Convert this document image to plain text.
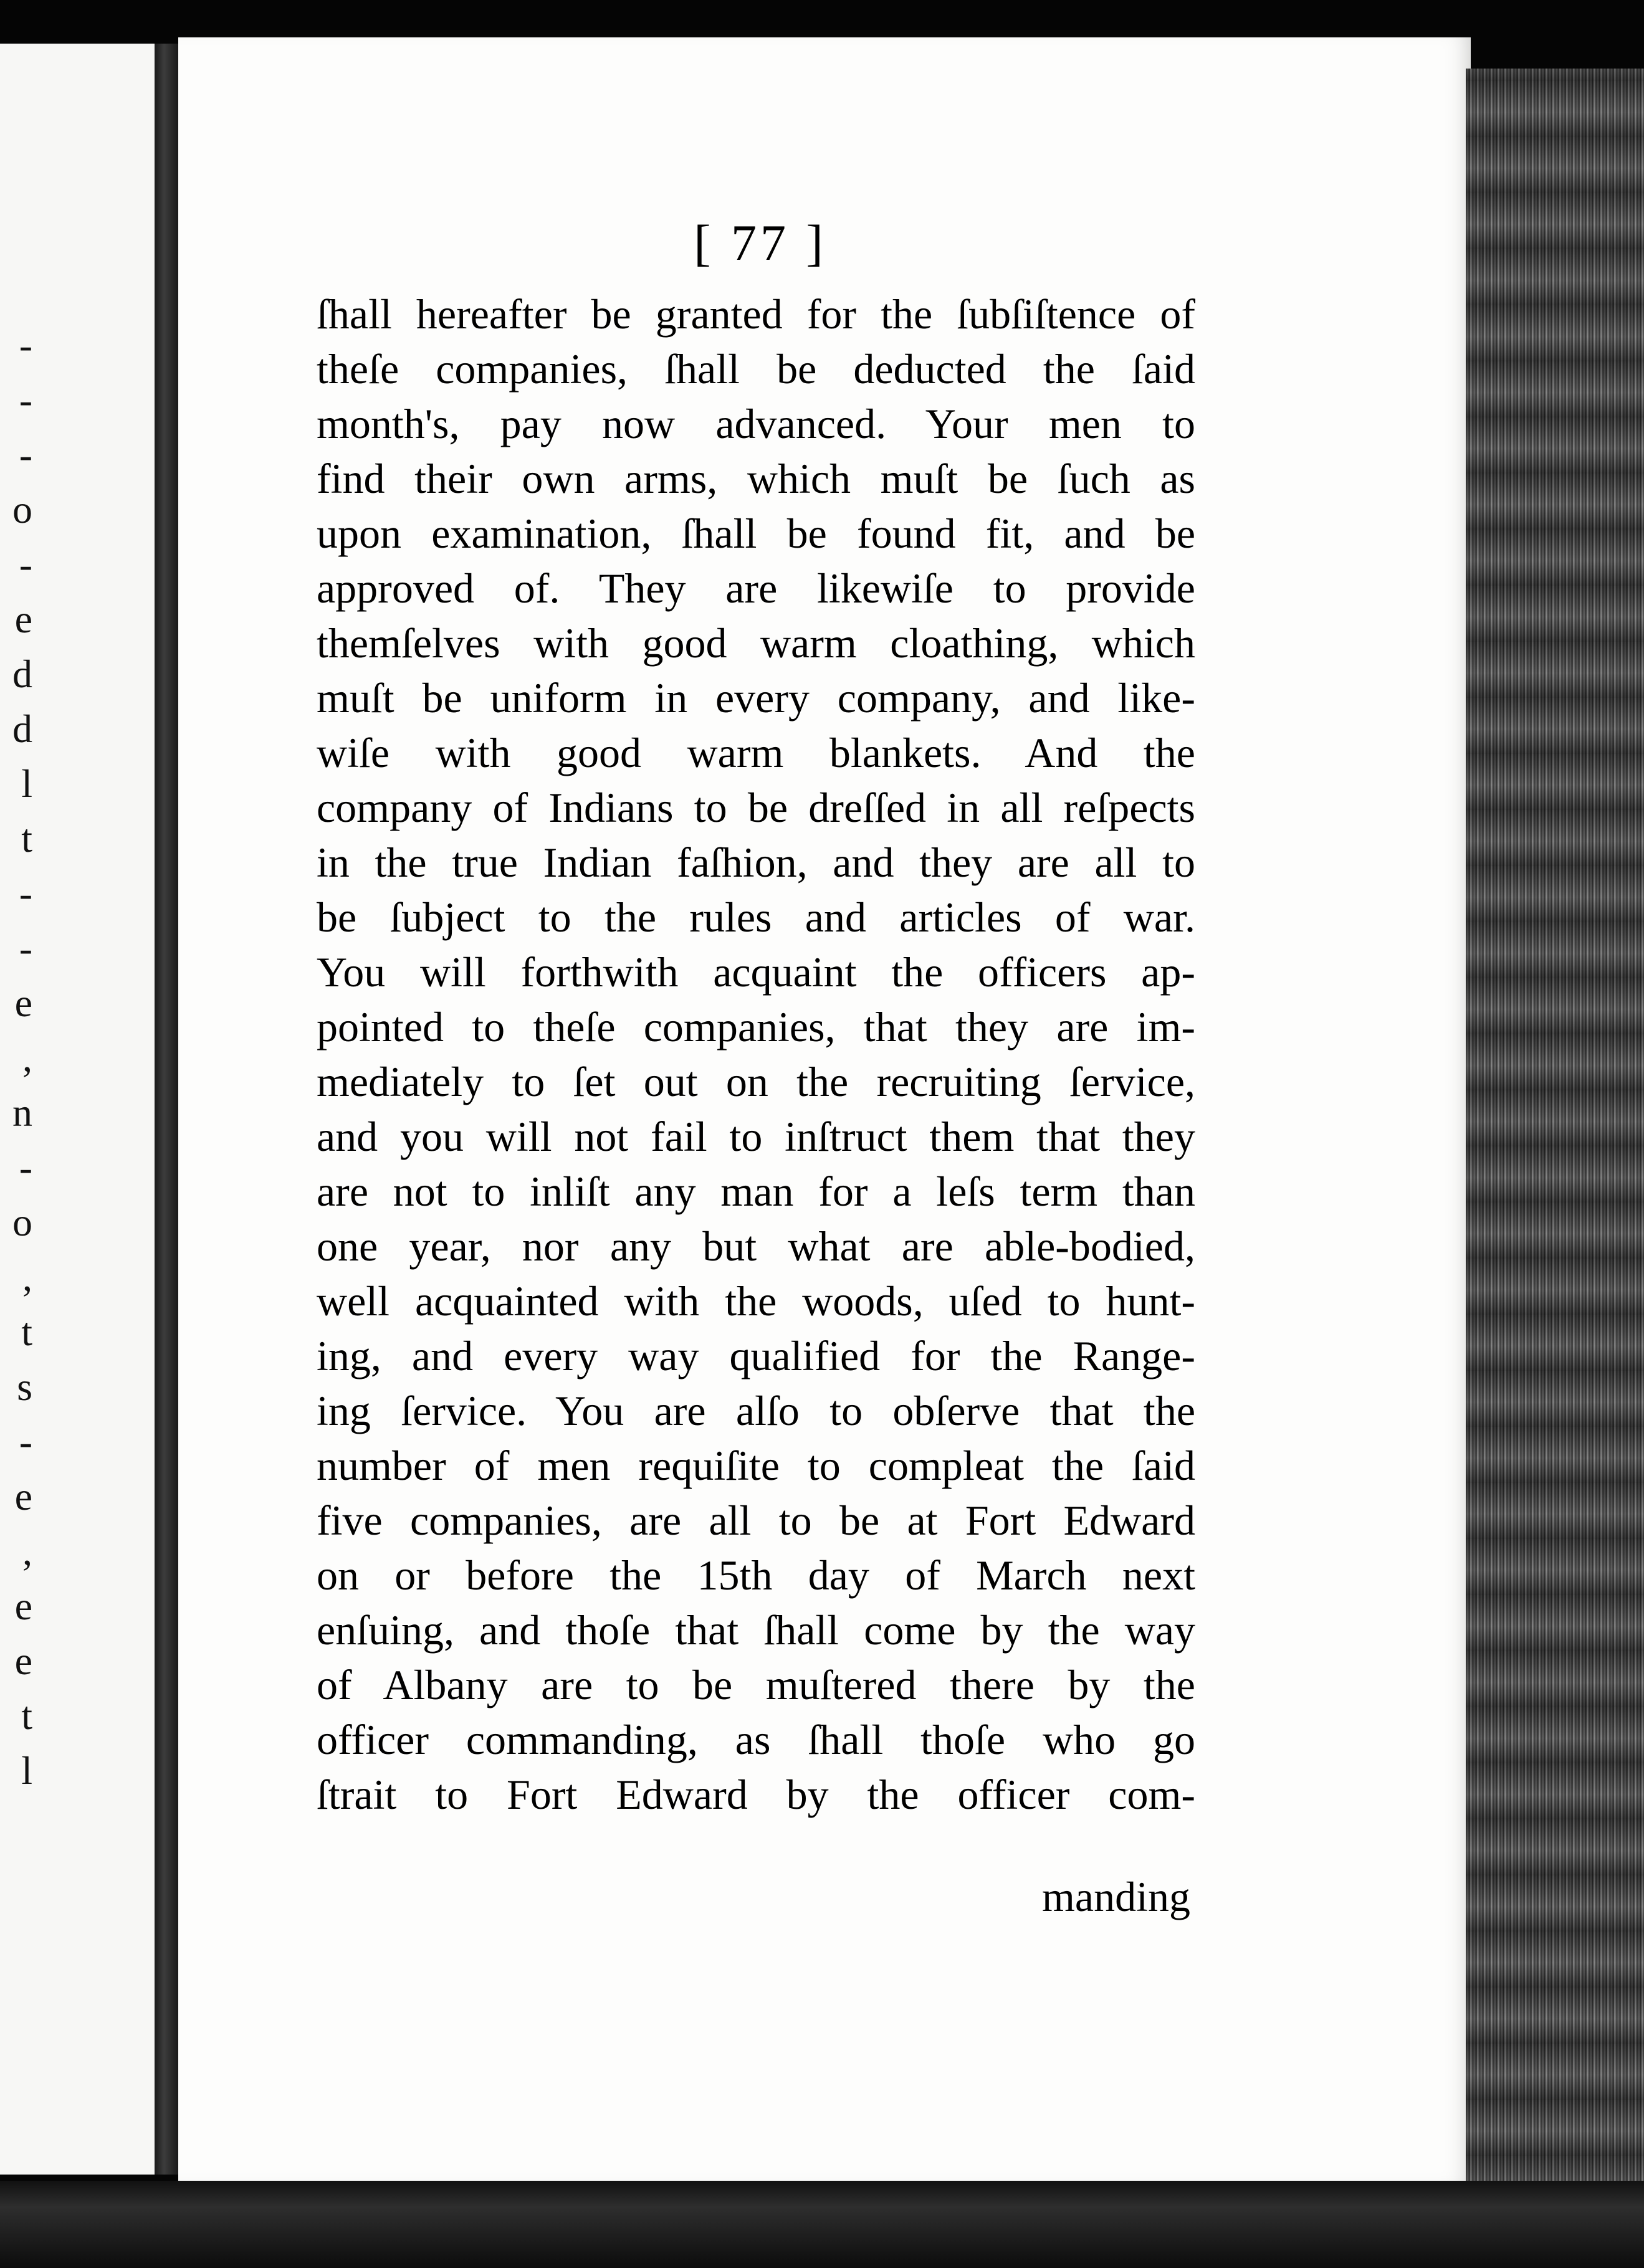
-
-
-
o
-
e
d
d
l
t
-
-
e
,
n
-
o
,
t
s
-
e
,
e
e
t
l
[ 77 ]
ſhall hereafter be granted for the ſubſiſtence of
theſe companies, ſhall be deducted the ſaid
month's, pay now advanced. Your men to
find their own arms, which muſt be ſuch as
upon examination, ſhall be found fit, and be
approved of. They are likewiſe to provide
themſelves with good warm cloathing, which
muſt be uniform in every company, and like-
wiſe with good warm blankets. And the
company of Indians to be dreſſed in all reſpects
in the true Indian faſhion, and they are all to
be ſubject to the rules and articles of war.
You will forthwith acquaint the officers ap-
pointed to theſe companies, that they are im-
mediately to ſet out on the recruiting ſervice,
and you will not fail to inſtruct them that they
are not to inliſt any man for a leſs term than
one year, nor any but what are able-bodied,
well acquainted with the woods, uſed to hunt-
ing, and every way qualified for the Range-
ing ſervice. You are alſo to obſerve that the
number of men requiſite to compleat the ſaid
five companies, are all to be at Fort Edward
on or before the 15th day of March next
enſuing, and thoſe that ſhall come by the way
of Albany are to be muſtered there by the
officer commanding, as ſhall thoſe who go
ſtrait to Fort Edward by the officer com-
manding
